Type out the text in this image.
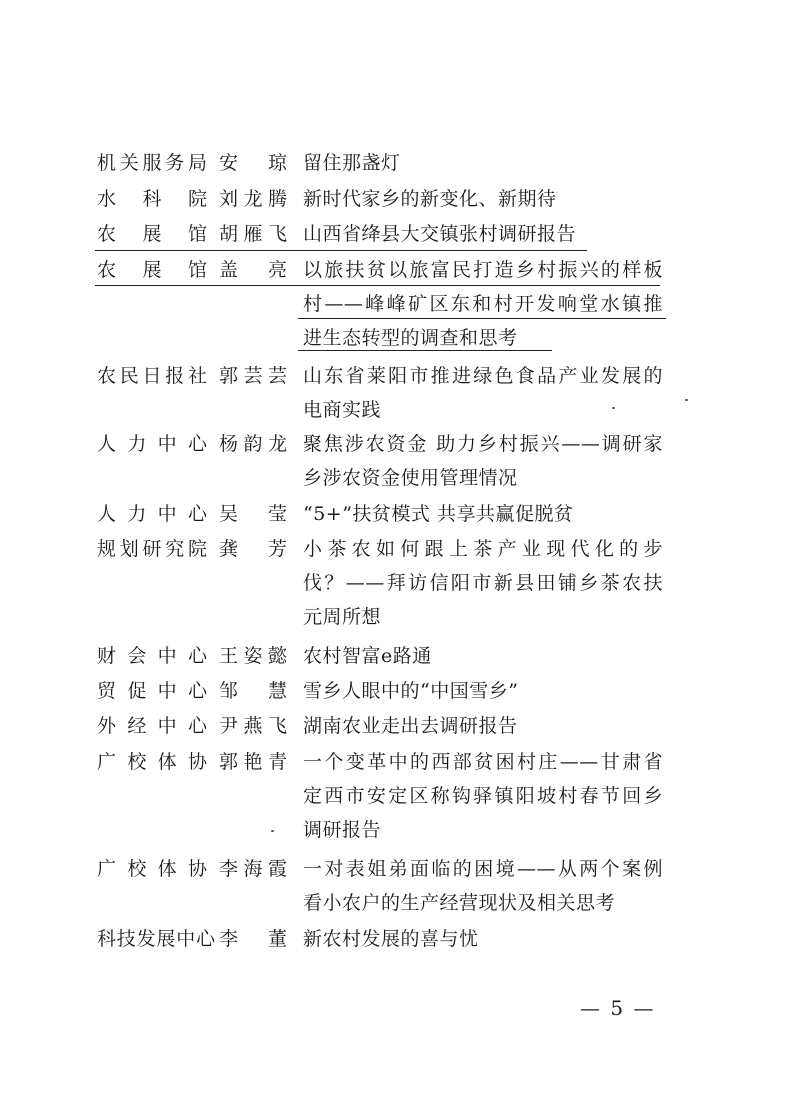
机 关 服 务 局 安 琼 留住那盏灯
水 科 院 刘 龙 腾 新时代家乡的新变化、新期待
农 展 馆 胡 雁 飞 山西省绛县大交镇张村调研报告
农 展 馆 盖 亮 以旅扶贫以旅富民打造乡村振兴的样板
村——峰峰矿区东和村开发响堂水镇推
进生态转型的调查和思考
农 民 日 报 社 郭 芸 芸 山东省莱阳市推进绿色食品产业发展的
电商实践
人 力 中 心 杨 韵 龙 聚焦涉农资金 助力乡村振兴——调研家
乡涉农资金使用管理情况
人 力 中 心 吴 莹 “5+”扶贫模式 共享共赢促脱贫
规 划 研 究 院 龚 芳 小茶农如何跟上茶产业现代化的步
伐？——拜访信阳市新县田铺乡茶农扶
元周所想
财 会 中 心 王 姿 懿 农村智富e路通
贸 促 中 心 邹 慧 雪乡人眼中的“中国雪乡”
外 经 中 心 尹 燕 飞 湖南农业走出去调研报告
广 校 体 协 郭 艳 青 一个变革中的西部贫困村庄——甘肃省
定西市安定区称钩驿镇阳坡村春节回乡
调研报告
广 校 体 协 李 海 霞 一对表姐弟面临的困境——从两个案例
看小农户的生产经营现状及相关思考
科 技 发 展 中 心 李 董 新农村发展的喜与忧
— 5 —
